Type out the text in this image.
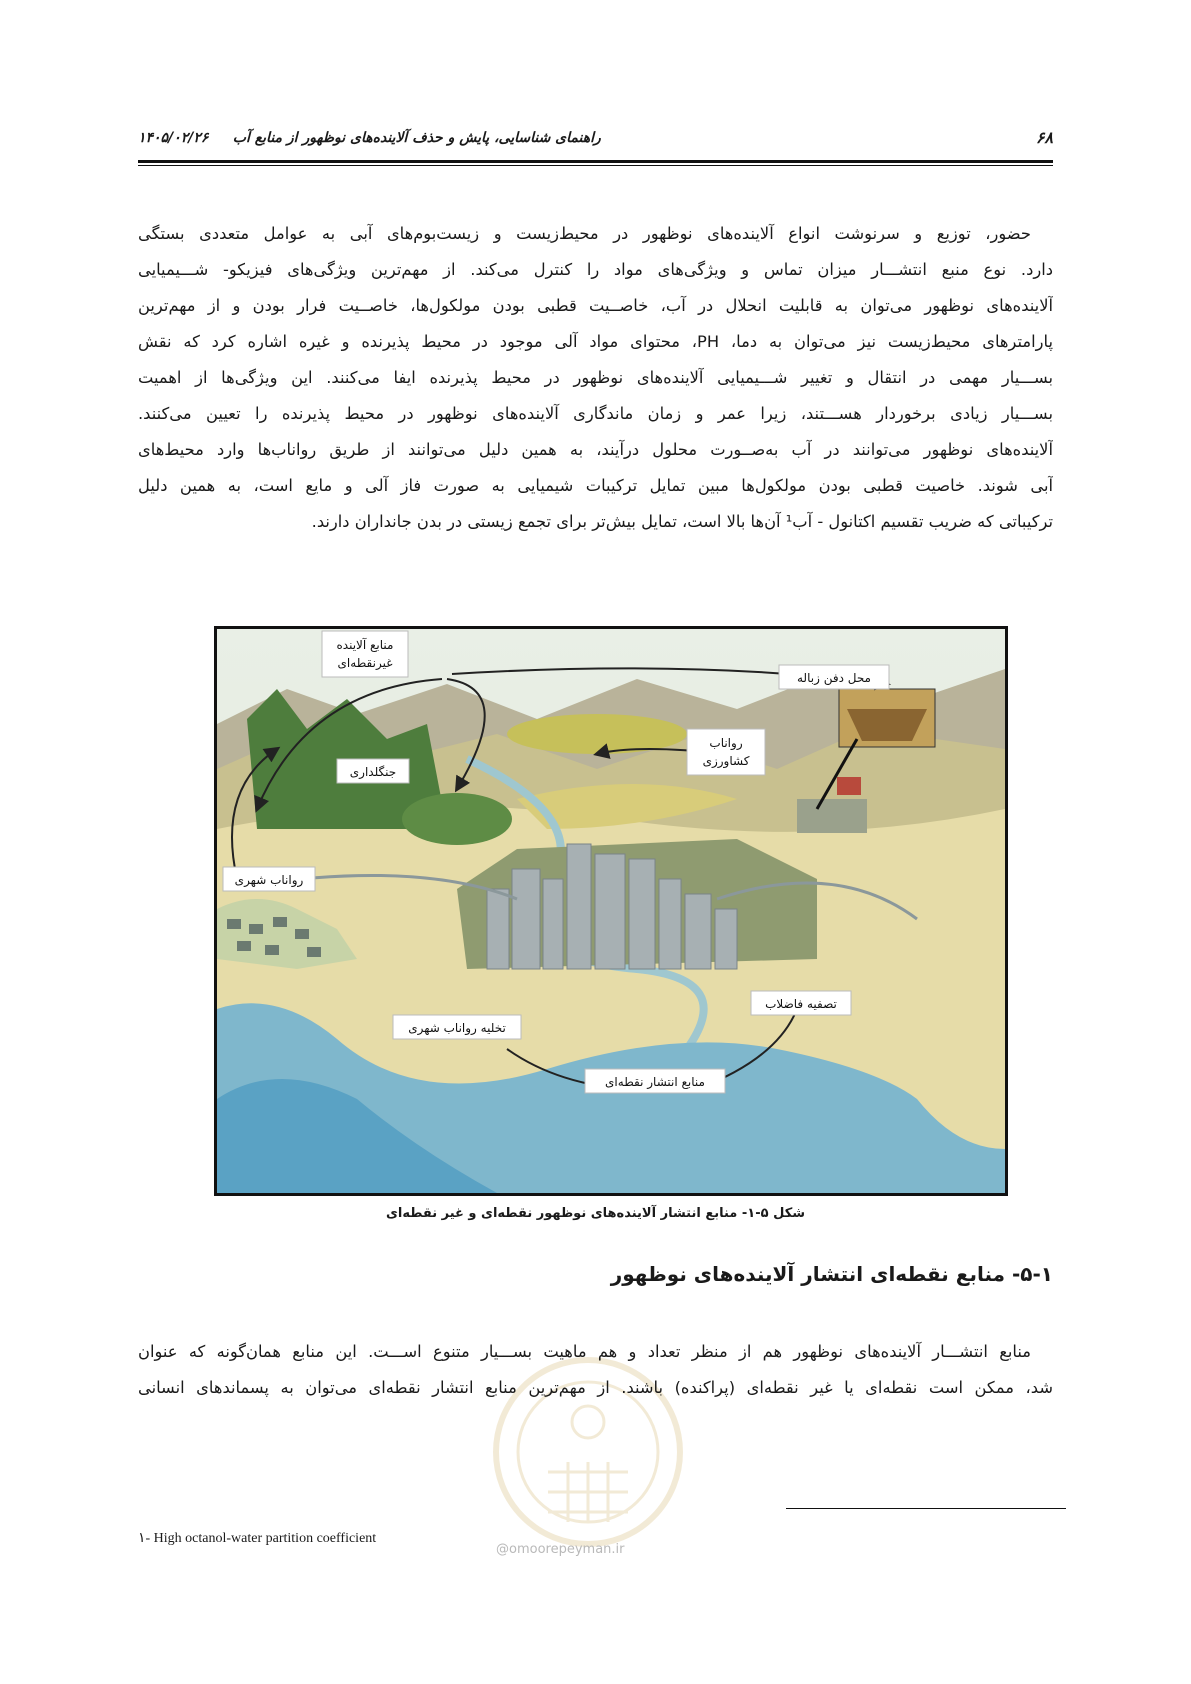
۶۸
راهنمای شناسایی، پایش و حذف آلاینده‌های نوظهور از منابع آب     ۱۴۰۵/۰۲/۲۶
حضور، توزیع و سرنوشت انواع آلاینده‌های نوظهور در محیط‌زیست و زیست‌بوم‌های آبی به عوامل متعددی بستگی
دارد. نوع منبع انتشـــار میزان تماس و ویژگی‌های مواد را کنترل می‌کند. از مهم‌ترین ویژگی‌های فیزیکو- شـــیمیایی
آلاینده‌های نوظهور می‌توان به قابلیت انحلال در آب، خاصــیت قطبی بودن مولکول‌ها، خاصــیت فرار بودن و از مهم‌ترین
پارامترهای محیط‌زیست نیز می‌توان به دما، PH، محتوای مواد آلی موجود در محیط پذیرنده و غیره اشاره کرد که نقش
بســـیار مهمی در انتقال و تغییر شـــیمیایی آلاینده‌های نوظهور در محیط پذیرنده ایفا می‌کنند. این ویژگی‌ها از اهمیت
بســـیار زیادی برخوردار هســـتند، زیرا عمر و زمان ماندگاری آلاینده‌های نوظهور در محیط پذیرنده را تعیین می‌کنند.
آلاینده‌های نوظهور می‌توانند در آب به‌صــورت محلول درآیند، به همین دلیل می‌توانند از طریق رواناب‌ها وارد محیط‌های
آبی شوند. خاصیت قطبی بودن مولکول‌ها مبین تمایل ترکیبات شیمیایی به صورت فاز آلی و مایع است، به همین دلیل
ترکیباتی که ضریب تقسیم اکتانول - آب¹ آن‌ها بالا است، تمایل بیش‌تر برای تجمع زیستی در بدن جانداران دارند.
منابع آلاینده
غیرنقطه‌ای
محل دفن زباله
رواناب
کشاورزی
جنگلداری
رواناب شهری
تصفیه فاضلاب
تخلیه رواناب شهری
منابع انتشار نقطه‌ای
شکل ۵-۱- منابع انتشار آلاینده‌های نوظهور نقطه‌ای و غیر نقطه‌ای
۵-۱- منابع نقطه‌ای انتشار آلاینده‌های نوظهور
@omoorepeyman.ir
منابع انتشـــار آلاینده‌های نوظهور هم از منظر تعداد و هم ماهیت بســـیار متنوع اســـت. این منابع همان‌گونه که عنوان
شد، ممکن است نقطه‌ای یا غیر نقطه‌ای (پراکنده) باشند. از مهم‌ترین منابع انتشار نقطه‌ای می‌توان به پسماندهای انسانی
۱- High octanol-water partition coefficient
